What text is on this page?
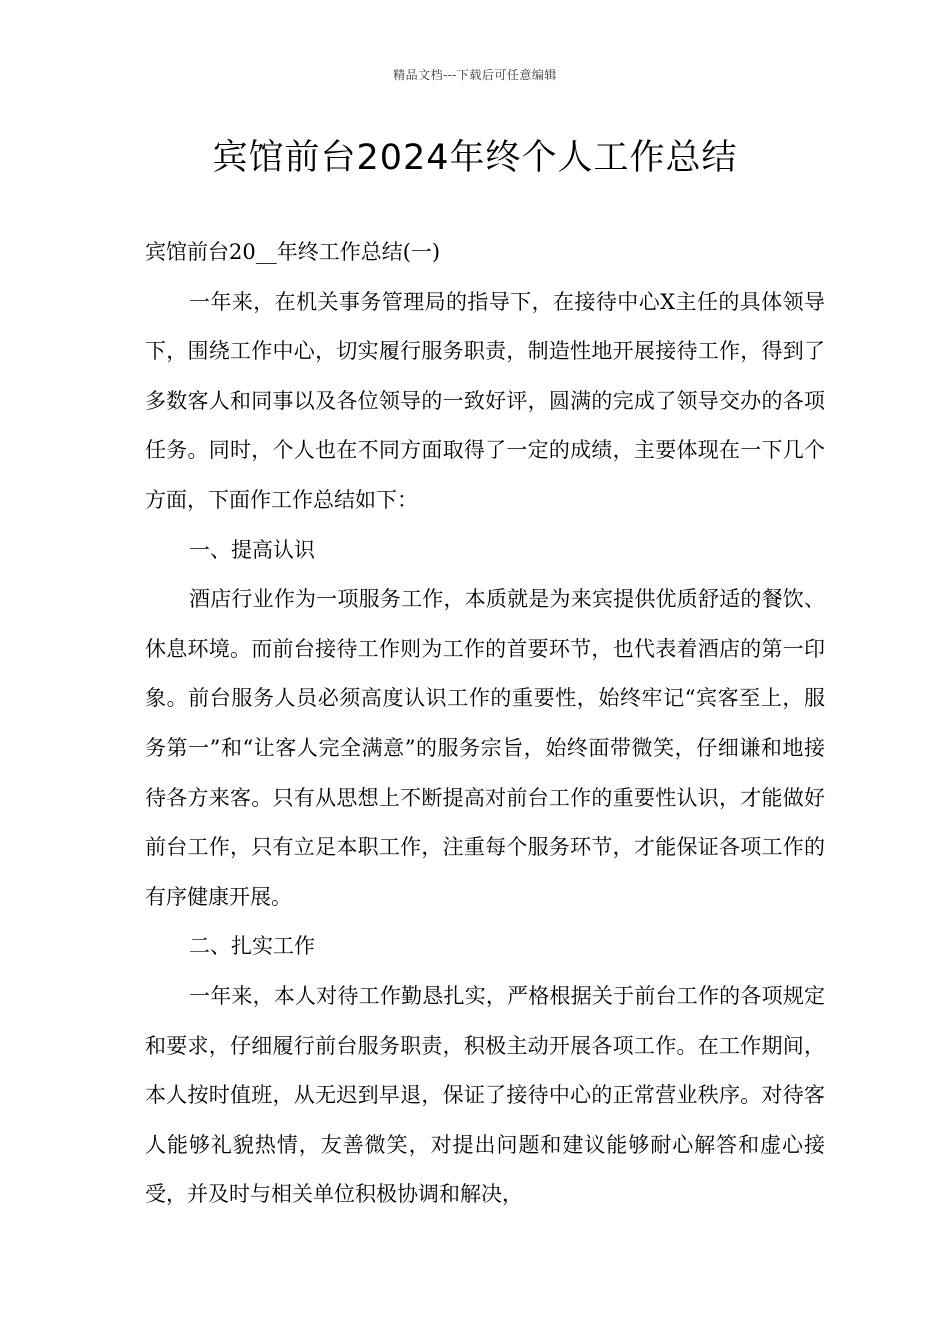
精品文档---下载后可任意编辑
宾馆前台2024年终个人工作总结

宾馆前台20__年终工作总结(一)

一年来，在机关事务管理局的指导下，在接待中心X主任的具体领导下，围绕工作中心，切实履行服务职责，制造性地开展接待工作，得到了多数客人和同事以及各位领导的一致好评，圆满的完成了领导交办的各项任务。同时，个人也在不同方面取得了一定的成绩，主要体现在一下几个方面，下面作工作总结如下：

一、提高认识

酒店行业作为一项服务工作，本质就是为来宾提供优质舒适的餐饮、休息环境。而前台接待工作则为工作的首要环节，也代表着酒店的第一印象。前台服务人员必须高度认识工作的重要性，始终牢记“宾客至上，服务第一”和“让客人完全满意”的服务宗旨，始终面带微笑，仔细谦和地接待各方来客。只有从思想上不断提高对前台工作的重要性认识，才能做好前台工作，只有立足本职工作，注重每个服务环节，才能保证各项工作的有序健康开展。

二、扎实工作

一年来，本人对待工作勤恳扎实，严格根据关于前台工作的各项规定和要求，仔细履行前台服务职责，积极主动开展各项工作。在工作期间，本人按时值班，从无迟到早退，保证了接待中心的正常营业秩序。对待客人能够礼貌热情，友善微笑，对提出问题和建议能够耐心解答和虚心接受，并及时与相关单位积极协调和解决，
